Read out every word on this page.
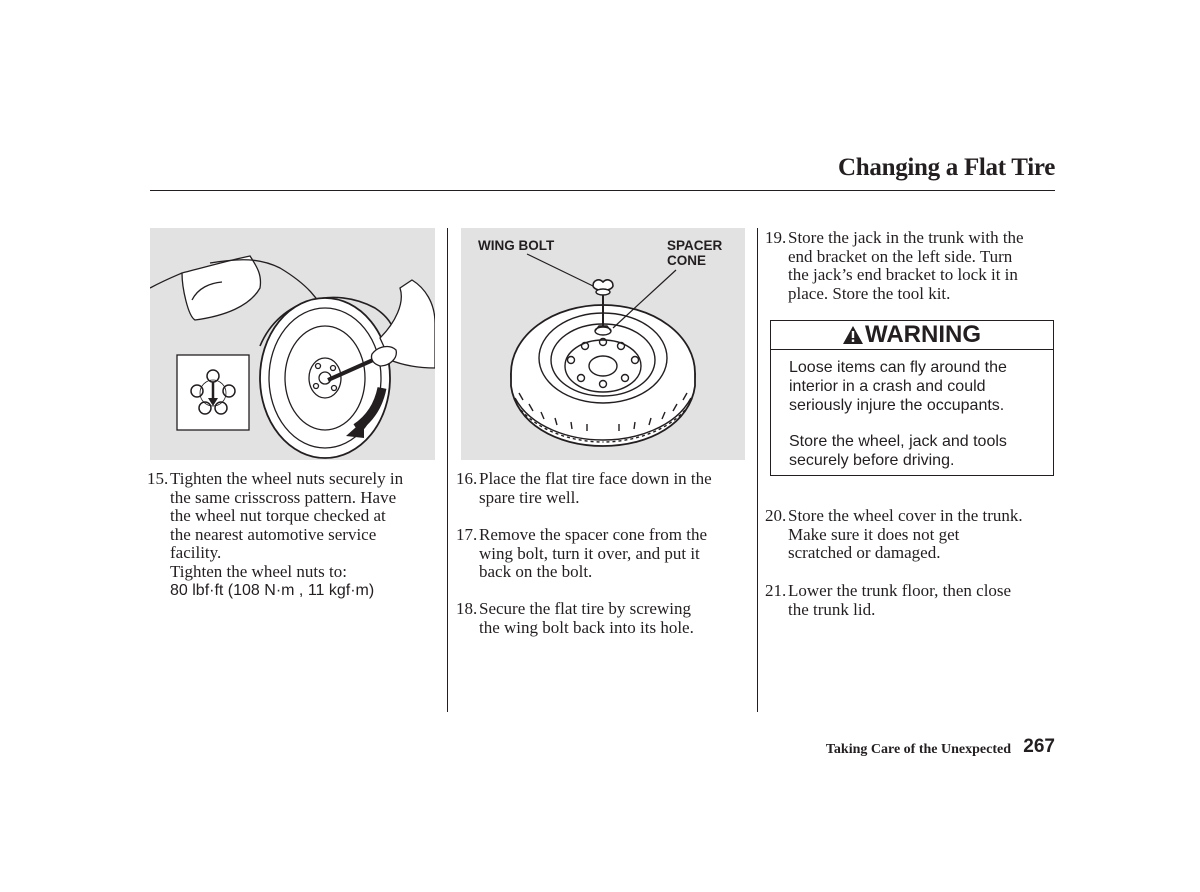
Changing a Flat Tire
WING BOLT	SPACER
CONE
15. Tighten the wheel nuts securely in
the same crisscross pattern. Have
the wheel nut torque checked at
the nearest automotive service
facility.
Tighten the wheel nuts to:
80 lbf·ft (108 N·m , 11 kgf·m)
16. Place the flat tire face down in the
spare tire well.
17. Remove the spacer cone from the
wing bolt, turn it over, and put it
back on the bolt.
18. Secure the flat tire by screwing
the wing bolt back into its hole.
19. Store the jack in the trunk with the
end bracket on the left side. Turn
the jack’s end bracket to lock it in
place. Store the tool kit.
WARNING
Loose items can fly around the
interior in a crash and could
seriously injure the occupants.
Store the wheel, jack and tools
securely before driving.
20. Store the wheel cover in the trunk.
Make sure it does not get
scratched or damaged.
21. Lower the trunk floor, then close
the trunk lid.
Taking Care of the Unexpected 267
